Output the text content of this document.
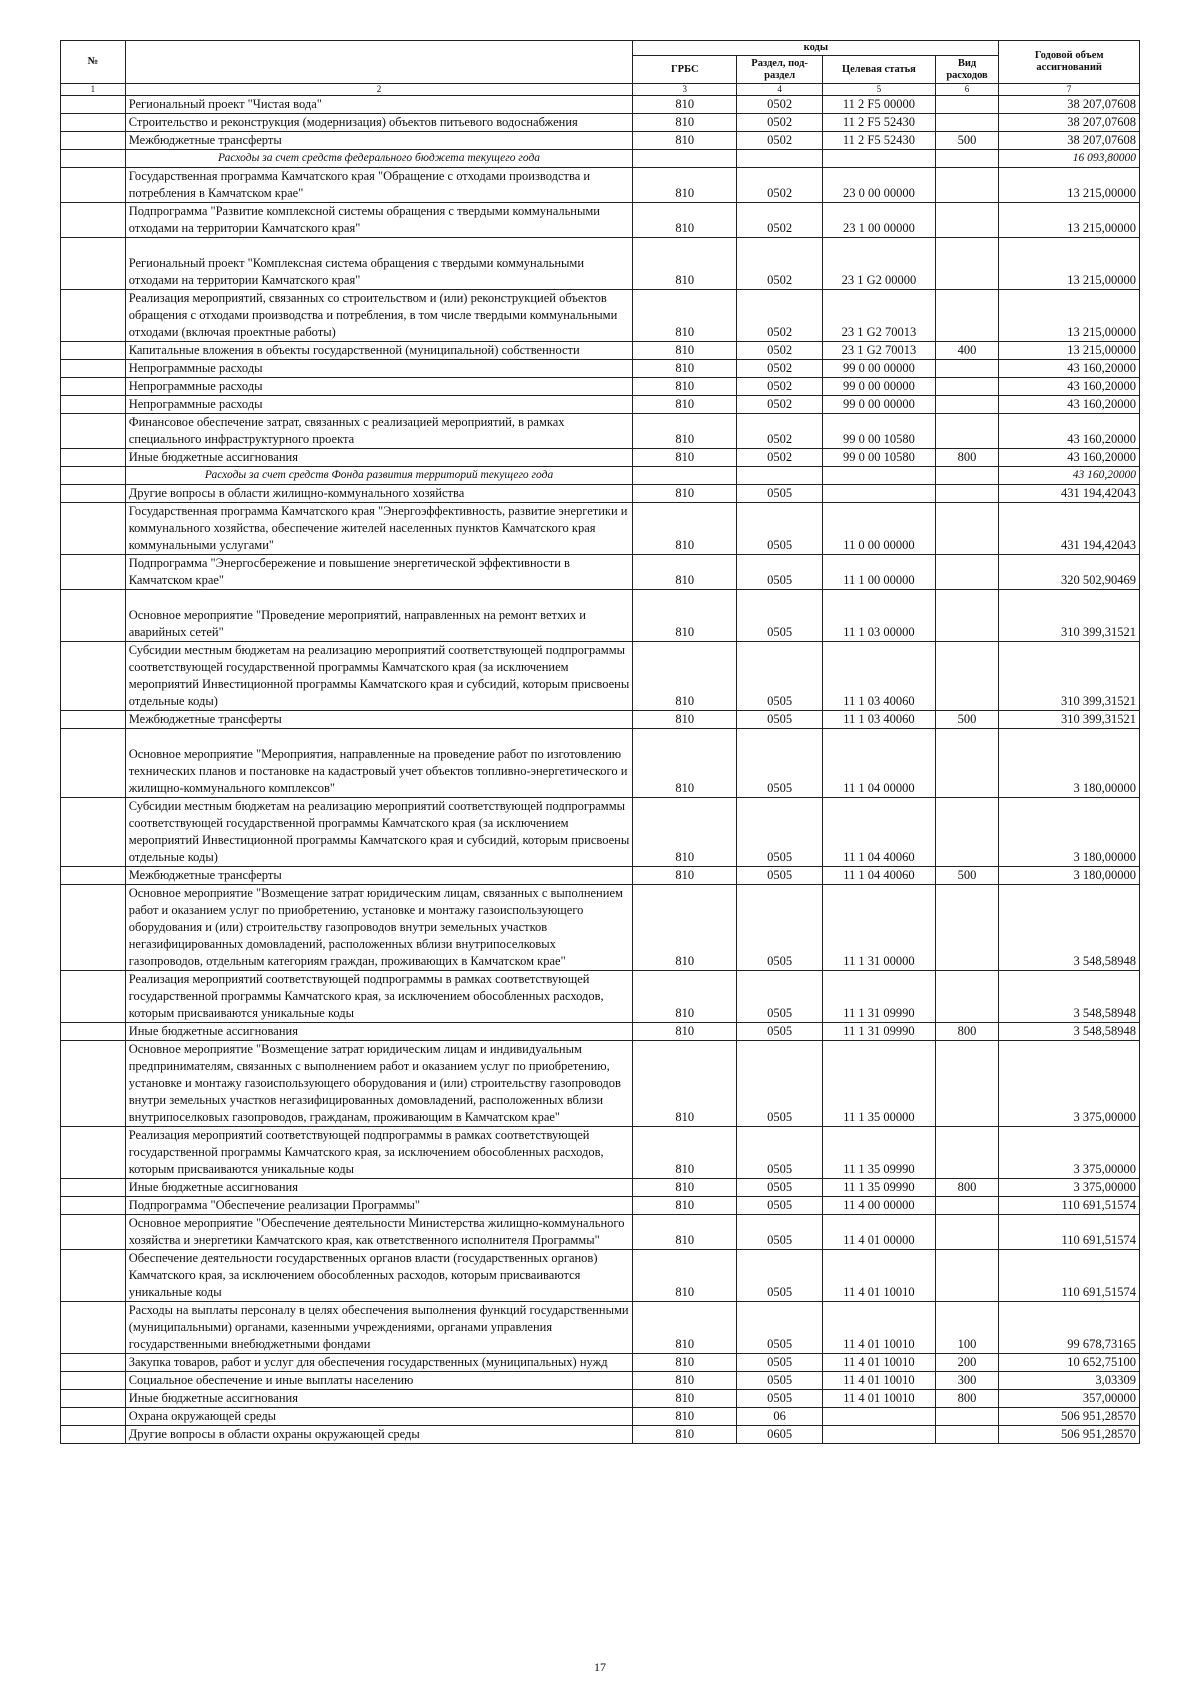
№		коды				Годовой объем ассигнований
		ГРБС	Раздел, под-раздел	Целевая статья	Вид расходов	
1	2	3	4	5	6	7
	Региональный проект "Чистая вода"	810	0502	11 2 F5 00000		38 207,07608
	Строительство и реконструкция (модернизация) объектов питьевого водоснабжения	810	0502	11 2 F5 52430		38 207,07608
	Межбюджетные трансферты	810	0502	11 2 F5 52430	500	38 207,07608
	Расходы за счет средств федерального бюджета текущего года					16 093,80000
	Государственная программа Камчатского края "Обращение с отходами производства и потребления в Камчатском крае"	810	0502	23 0 00 00000		13 215,00000
	Подпрограмма "Развитие комплексной системы обращения с твердыми коммунальными отходами на территории Камчатского края"	810	0502	23 1 00 00000		13 215,00000
	Региональный проект "Комплексная система обращения с твердыми коммунальными отходами на территории Камчатского края"	810	0502	23 1 G2 00000		13 215,00000
	Реализация мероприятий, связанных со строительством и (или) реконструкцией объектов обращения с отходами производства и потребления, в том числе твердыми коммунальными отходами (включая проектные работы)	810	0502	23 1 G2 70013		13 215,00000
	Капитальные вложения в объекты государственной (муниципальной) собственности	810	0502	23 1 G2 70013	400	13 215,00000
	Непрограммные расходы	810	0502	99 0 00 00000		43 160,20000
	Непрограммные расходы	810	0502	99 0 00 00000		43 160,20000
	Непрограммные расходы	810	0502	99 0 00 00000		43 160,20000
	Финансовое обеспечение затрат, связанных с реализацией мероприятий, в рамках специального инфраструктурного проекта	810	0502	99 0 00 10580		43 160,20000
	Иные бюджетные ассигнования	810	0502	99 0 00 10580	800	43 160,20000
	Расходы за счет средств Фонда развития территорий текущего года					43 160,20000
	Другие вопросы в области жилищно-коммунального хозяйства	810	0505			431 194,42043
	Государственная программа Камчатского края "Энергоэффективность, развитие энергетики и коммунального хозяйства, обеспечение жителей населенных пунктов Камчатского края коммунальными услугами"	810	0505	11 0 00 00000		431 194,42043
	Подпрограмма "Энергосбережение и повышение энергетической эффективности в Камчатском крае"	810	0505	11 1 00 00000		320 502,90469
	Основное мероприятие "Проведение мероприятий, направленных на ремонт ветхих и аварийных сетей"	810	0505	11 1 03 00000		310 399,31521
	Субсидии местным бюджетам на реализацию мероприятий соответствующей подпрограммы соответствующей государственной программы Камчатского края (за исключением мероприятий Инвестиционной программы Камчатского края и субсидий, которым присвоены отдельные коды)	810	0505	11 1 03 40060		310 399,31521
	Межбюджетные трансферты	810	0505	11 1 03 40060	500	310 399,31521
	Основное мероприятие "Мероприятия, направленные на проведение работ по изготовлению технических планов и постановке на кадастровый учет объектов топливно-энергетического и жилищно-коммунального комплексов"	810	0505	11 1 04 00000		3 180,00000
	Субсидии местным бюджетам на реализацию мероприятий соответствующей подпрограммы соответствующей государственной программы Камчатского края (за исключением мероприятий Инвестиционной программы Камчатского края и субсидий, которым присвоены отдельные коды)	810	0505	11 1 04 40060		3 180,00000
	Межбюджетные трансферты	810	0505	11 1 04 40060	500	3 180,00000
	Основное мероприятие "Возмещение затрат юридическим лицам, связанных с выполнением работ и оказанием услуг по приобретению, установке и монтажу газоиспользующего оборудования и (или) строительству газопроводов внутри земельных участков негазифицированных домовладений, расположенных вблизи внутрипоселковых газопроводов, отдельным категориям граждан, проживающих в Камчатском крае"	810	0505	11 1 31 00000		3 548,58948
	Реализация мероприятий соответствующей подпрограммы в рамках соответствующей государственной программы Камчатского края, за исключением обособленных расходов, которым присваиваются уникальные коды	810	0505	11 1 31 09990		3 548,58948
	Иные бюджетные ассигнования	810	0505	11 1 31 09990	800	3 548,58948
	Основное мероприятие "Возмещение затрат юридическим лицам и индивидуальным предпринимателям, связанных с выполнением работ и оказанием услуг по приобретению, установке и монтажу газоиспользующего оборудования и (или) строительству газопроводов внутри земельных участков негазифицированных домовладений, расположенных вблизи внутрипоселковых газопроводов, гражданам, проживающим в Камчатском крае"	810	0505	11 1 35 00000		3 375,00000
	Реализация мероприятий соответствующей подпрограммы в рамках соответствующей государственной программы Камчатского края, за исключением обособленных расходов, которым присваиваются уникальные коды	810	0505	11 1 35 09990		3 375,00000
	Иные бюджетные ассигнования	810	0505	11 1 35 09990	800	3 375,00000
	Подпрограмма "Обеспечение реализации Программы"	810	0505	11 4 00 00000		110 691,51574
	Основное мероприятие "Обеспечение деятельности Министерства жилищно-коммунального хозяйства и энергетики Камчатского края, как ответственного исполнителя Программы"	810	0505	11 4 01 00000		110 691,51574
	Обеспечение деятельности государственных органов власти (государственных органов) Камчатского края, за исключением обособленных расходов, которым присваиваются уникальные коды	810	0505	11 4 01 10010		110 691,51574
	Расходы на выплаты персоналу в целях обеспечения выполнения функций государственными (муниципальными) органами, казенными учреждениями, органами управления государственными внебюджетными фондами	810	0505	11 4 01 10010	100	99 678,73165
	Закупка товаров, работ и услуг для обеспечения государственных (муниципальных) нужд	810	0505	11 4 01 10010	200	10 652,75100
	Социальное обеспечение и иные выплаты населению	810	0505	11 4 01 10010	300	3,03309
	Иные бюджетные ассигнования	810	0505	11 4 01 10010	800	357,00000
	Охрана окружающей среды	810	06			506 951,28570
	Другие вопросы в области охраны окружающей среды	810	0605			506 951,28570
17
